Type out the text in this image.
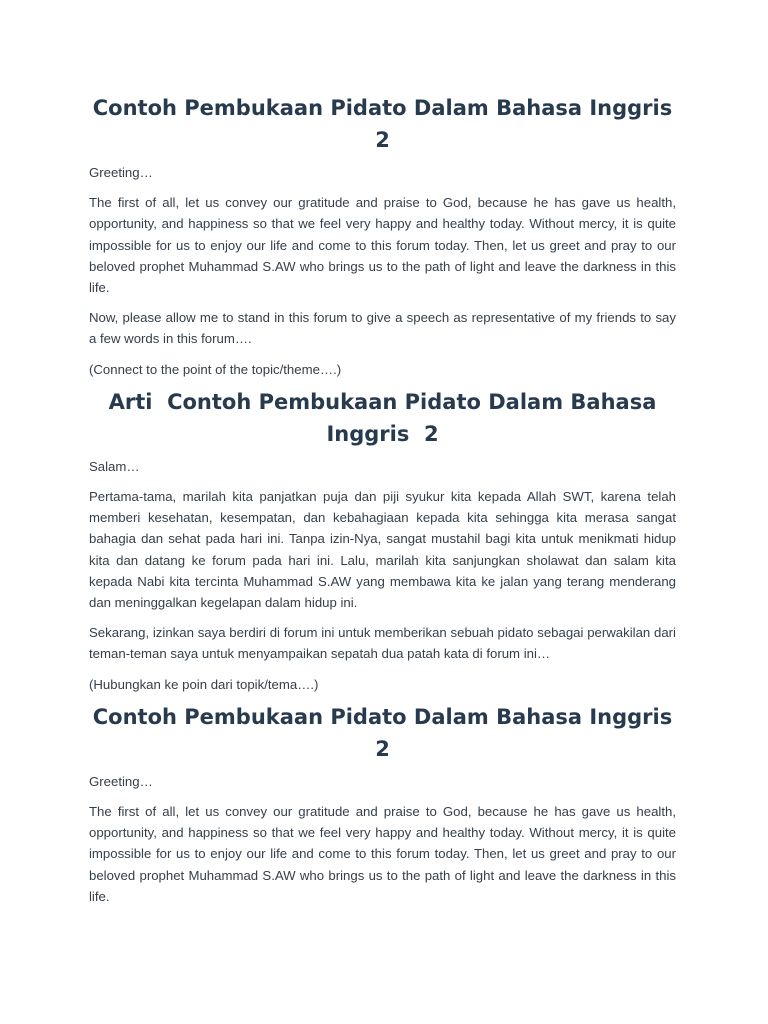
Contoh Pembukaan Pidato Dalam Bahasa Inggris  2

Greeting…

The first of all, let us convey our gratitude and praise to God, because he has gave us health, opportunity, and happiness so that we feel very happy and healthy today. Without mercy, it is quite impossible for us to enjoy our life and come to this forum today. Then, let us greet and pray to our beloved prophet Muhammad S.AW who brings us to the path of light and leave the darkness in this life.

Now, please allow me to stand in this forum to give a speech as representative of my friends to say a few words in this forum….

(Connect to the point of the topic/theme….)

Arti  Contoh Pembukaan Pidato Dalam Bahasa Inggris  2

Salam…

Pertama-tama, marilah kita panjatkan puja dan piji syukur kita kepada Allah SWT, karena telah memberi kesehatan, kesempatan, dan kebahagiaan kepada kita sehingga kita merasa sangat bahagia dan sehat pada hari ini. Tanpa izin-Nya, sangat mustahil bagi kita untuk menikmati hidup kita dan datang ke forum pada hari ini. Lalu, marilah kita sanjungkan sholawat dan salam kita kepada Nabi kita tercinta Muhammad S.AW yang membawa kita ke jalan yang terang menderang dan meninggalkan kegelapan dalam hidup ini.

Sekarang, izinkan saya berdiri di forum ini untuk memberikan sebuah pidato sebagai perwakilan dari teman-teman saya untuk menyampaikan sepatah dua patah kata di forum ini…

(Hubungkan ke poin dari topik/tema….)

Contoh Pembukaan Pidato Dalam Bahasa Inggris  2

Greeting…

The first of all, let us convey our gratitude and praise to God, because he has gave us health, opportunity, and happiness so that we feel very happy and healthy today. Without mercy, it is quite impossible for us to enjoy our life and come to this forum today. Then, let us greet and pray to our beloved prophet Muhammad S.AW who brings us to the path of light and leave the darkness in this life.
